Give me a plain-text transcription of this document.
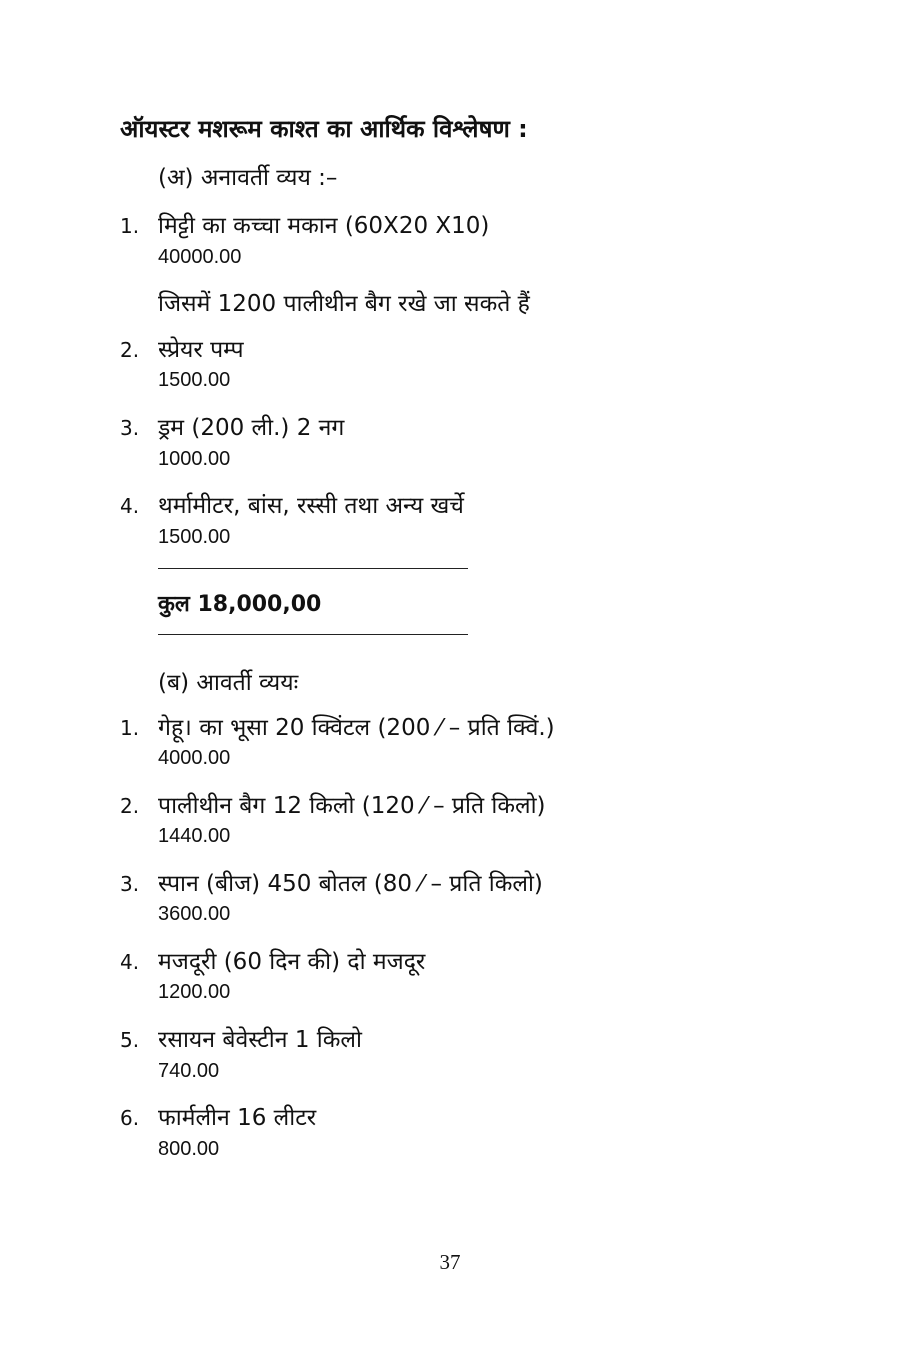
ऑयस्टर मशरूम काश्त का आर्थिक विश्लेषण :
(अ) अनावर्ती व्यय :–
1. मिट्टी का कच्चा मकान (60X20 X10)
40000.00
जिसमें 1200 पालीथीन बैग रखे जा सकते हैं
2. स्प्रेयर पम्प
1500.00
3. ड्रम (200 ली.) 2 नग
1000.00
4. थर्मामीटर, बांस, रस्सी तथा अन्य खर्चे
1500.00
कुल 18,000,00
(ब) आवर्ती व्ययः
1. गेहू। का भूसा 20 क्विंटल (200 ⁄ – प्रति क्विं.)
4000.00
2. पालीथीन बैग 12 किलो (120 ⁄ – प्रति किलो)
1440.00
3. स्पान (बीज) 450 बोतल (80 ⁄ – प्रति किलो)
3600.00
4. मजदूरी (60 दिन की) दो मजदूर
1200.00
5. रसायन बेवेस्टीन 1 किलो
740.00
6. फार्मलीन 16 लीटर
800.00
37
